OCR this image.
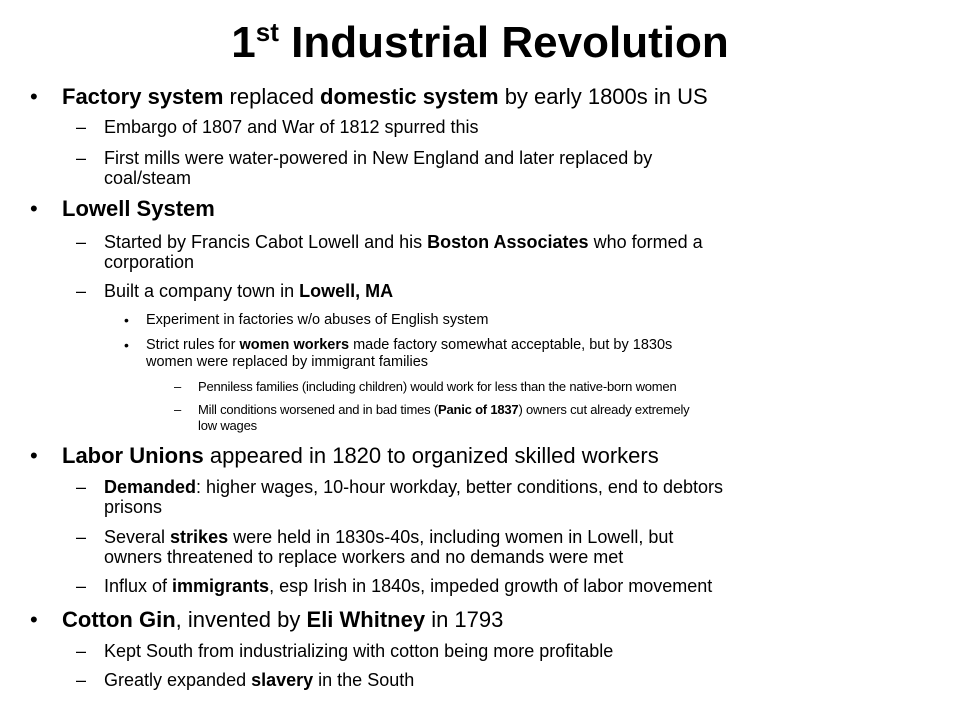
1st Industrial Revolution
• Factory system replaced domestic system by early 1800s in US
– Embargo of 1807 and War of 1812 spurred this
– First mills were water-powered in New England and later replaced by
coal/steam
• Lowell System
– Started by Francis Cabot Lowell and his Boston Associates who formed a
corporation
– Built a company town in Lowell, MA
• Experiment in factories w/o abuses of English system
• Strict rules for women workers made factory somewhat acceptable, but by 1830s
women were replaced by immigrant families
– Penniless families (including children) would work for less than the native-born women
– Mill conditions worsened and in bad times (Panic of 1837) owners cut already extremely
low wages
• Labor Unions appeared in 1820 to organized skilled workers
– Demanded: higher wages, 10-hour workday, better conditions, end to debtors
prisons
– Several strikes were held in 1830s-40s, including women in Lowell, but
owners threatened to replace workers and no demands were met
– Influx of immigrants, esp Irish in 1840s, impeded growth of labor movement
• Cotton Gin, invented by Eli Whitney in 1793
– Kept South from industrializing with cotton being more profitable
– Greatly expanded slavery in the South
